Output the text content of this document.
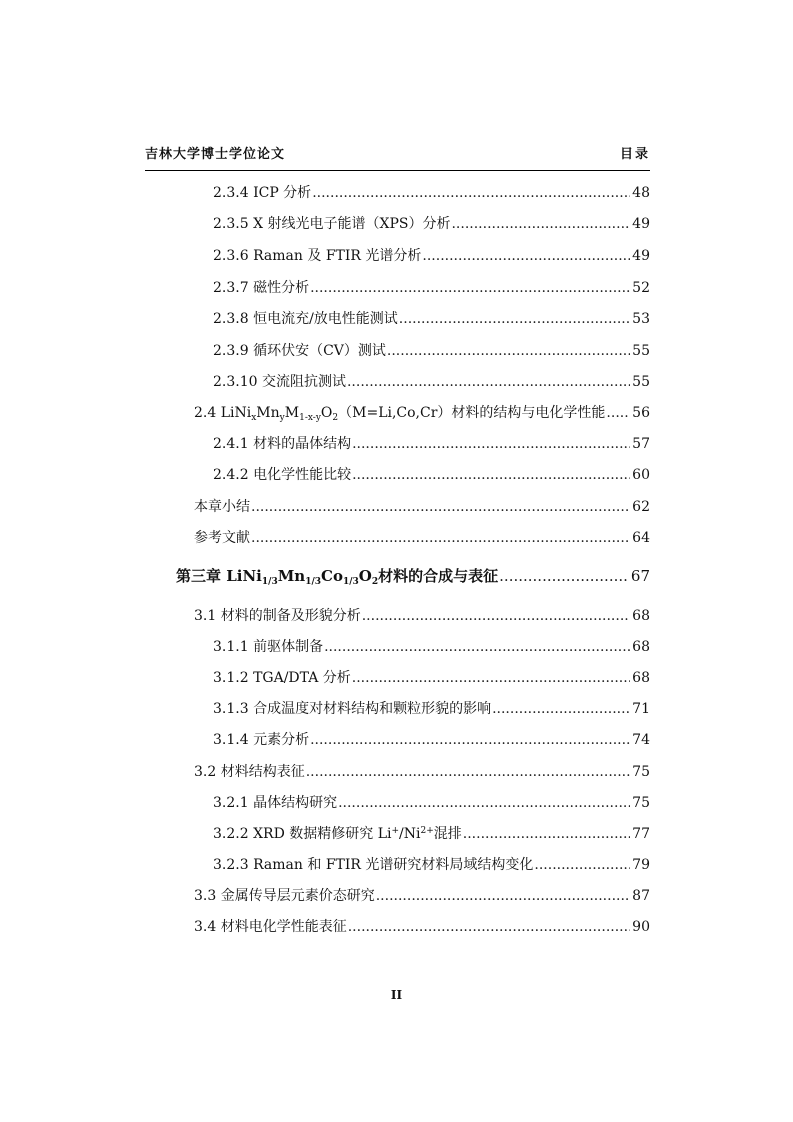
吉林大学博士学位论文	目录
2.3.4 ICP 分析 .....	48
2.3.5 X 射线光电子能谱（XPS）分析 .....	49
2.3.6 Raman 及 FTIR 光谱分析 .....	49
2.3.7 磁性分析 .....	52
2.3.8 恒电流充/放电性能测试 .....	53
2.3.9 循环伏安（CV）测试 .....	55
2.3.10 交流阻抗测试 .....	55
2.4 $LiNi_xMn_yM_{1-x-y}O_2(M=Li,Co,Cr)$材料的结构与电化学性能 ..... 56
2.4.1 材料的晶体结构 .....	57
2.4.2 电化学性能比较 .....	60
本章小结 .....	62
参考文献 .....	64
第三章 $LiNi_{1/3}Mn_{1/3}Co_{1/3}O_2$材料的合成与表征 .....	67
3.1 材料的制备及形貌分析 .....	68
3.1.1 前驱体制备 .....	68
3.1.2 TGA/DTA 分析 .....	68
3.1.3 合成温度对材料结构和颗粒形貌的影响 .....	71
3.1.4 元素分析 .....	74
3.2 材料结构表征 .....	75
3.2.1 晶体结构研究 .....	75
3.2.2 XRD 数据精修研究 $Li^+/Ni^{2+}$混排 .....	77
3.2.3 Raman 和 FTIR 光谱研究材料局域结构变化 .....	79
3.3 金属传导层元素价态研究 .....	87
3.4 材料电化学性能表征 .....	90
II
